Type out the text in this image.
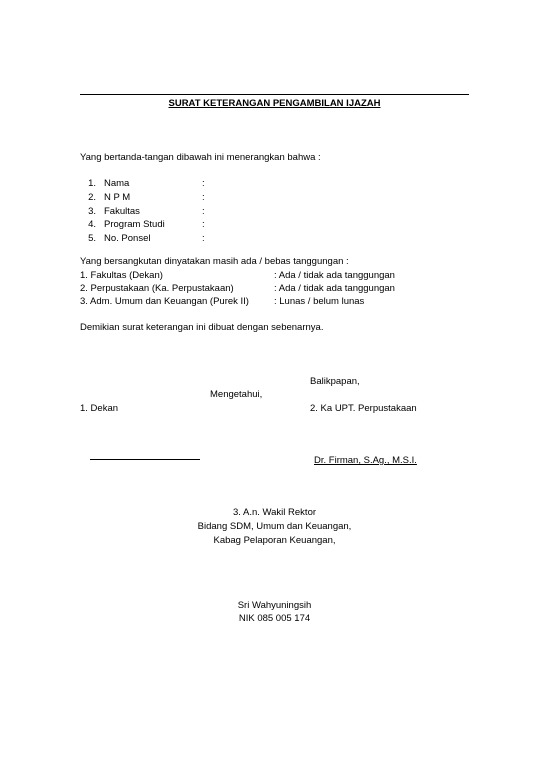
SURAT KETERANGAN PENGAMBILAN IJAZAH
Yang bertanda-tangan dibawah ini menerangkan bahwa :
1. Nama	:
2. N P M	:
3. Fakultas	:
4. Program Studi	:
5. No. Ponsel	:
Yang bersangkutan dinyatakan masih ada / bebas tanggungan :
1. Fakultas (Dekan)	: Ada / tidak ada tanggungan
2. Perpustakaan (Ka. Perpustakaan)	: Ada / tidak ada tanggungan
3. Adm. Umum dan Keuangan (Purek II)	: Lunas / belum lunas
Demikian surat keterangan ini dibuat dengan sebenarnya.
Balikpapan,
Mengetahui,
1. Dekan	2. Ka UPT. Perpustakaan
Dr. Firman, S.Ag., M.S.I.
3. A.n. Wakil Rektor
Bidang SDM, Umum dan Keuangan,
Kabag Pelaporan Keuangan,
Sri Wahyuningsih
NIK 085 005 174
